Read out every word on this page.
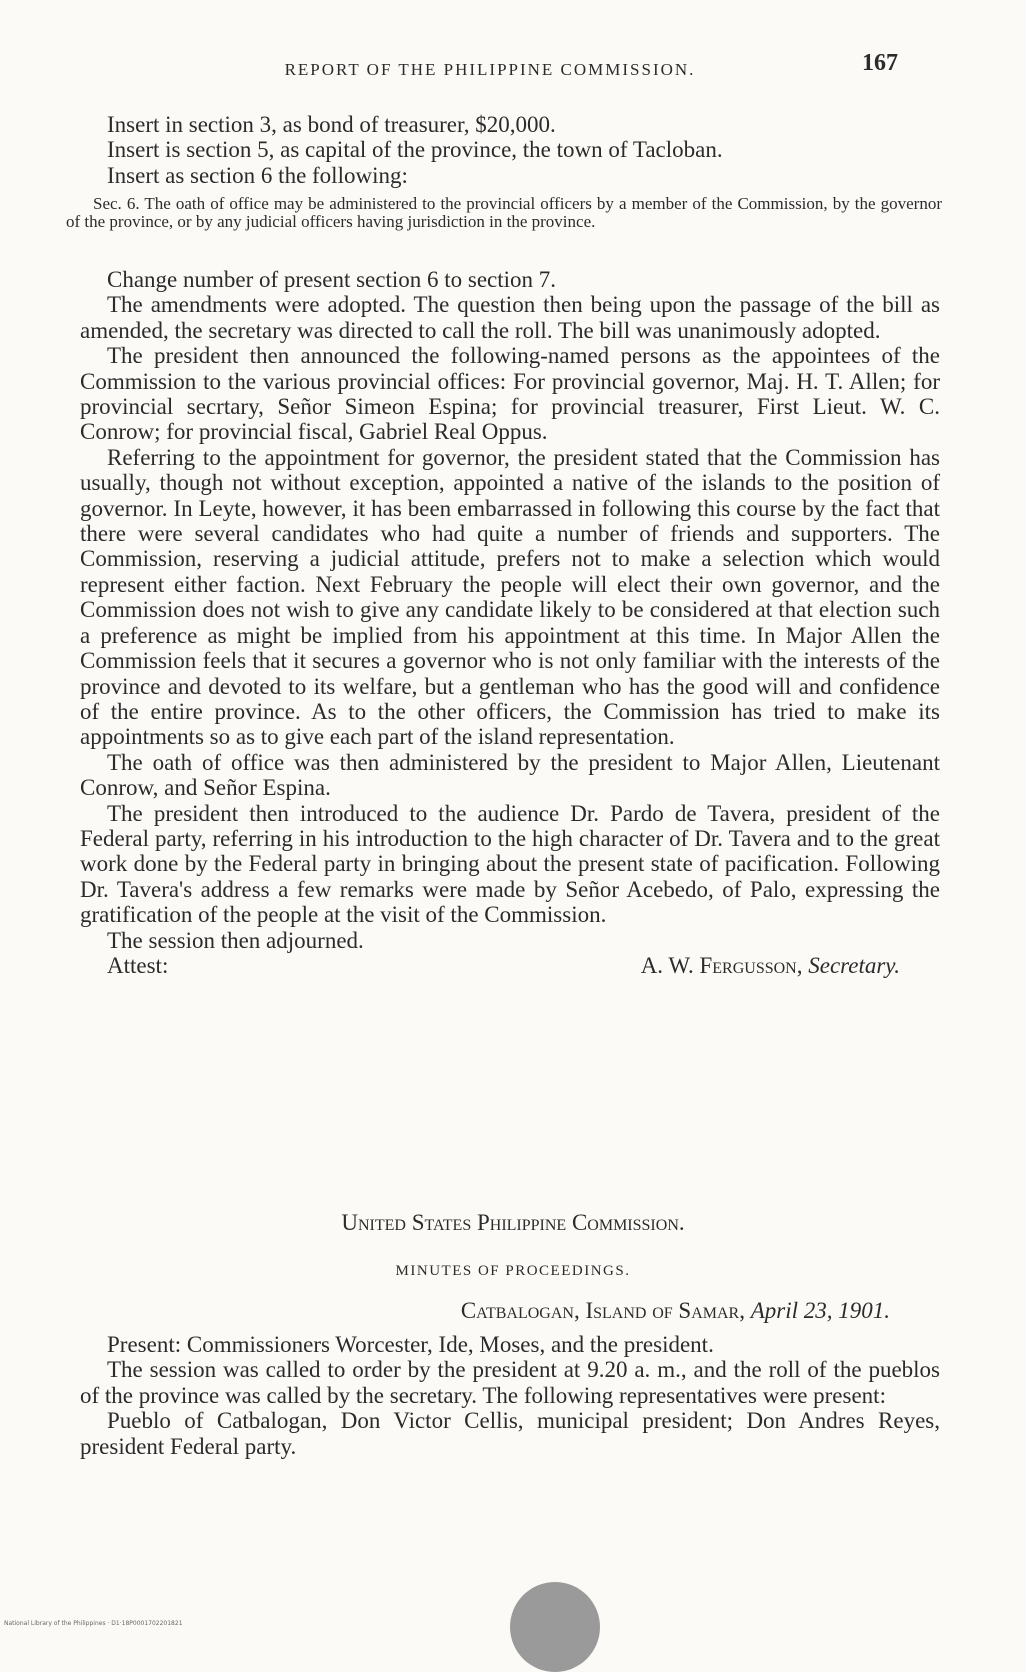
REPORT OF THE PHILIPPINE COMMISSION.	167

Insert in section 3, as bond of treasurer, $20,000.

Insert is section 5, as capital of the province, the town of Tacloban.

Insert as section 6 the following:

Sec. 6. The oath of office may be administered to the provincial officers by a member of the Commission, by the governor of the province, or by any judicial officers having jurisdiction in the province.

Change number of present section 6 to section 7.

The amendments were adopted. The question then being upon the passage of the bill as amended, the secretary was directed to call the roll. The bill was unanimously adopted.

The president then announced the following-named persons as the appointees of the Commission to the various provincial offices: For provincial governor, Maj. H. T. Allen; for provincial secrtary, Señor Simeon Espina; for provincial treasurer, First Lieut. W. C. Conrow; for provincial fiscal, Gabriel Real Oppus.

Referring to the appointment for governor, the president stated that the Commission has usually, though not without exception, appointed a native of the islands to the position of governor. In Leyte, however, it has been embarrassed in following this course by the fact that there were several candidates who had quite a number of friends and supporters. The Commission, reserving a judicial attitude, prefers not to make a selection which would represent either faction. Next February the people will elect their own governor, and the Commission does not wish to give any candidate likely to be considered at that election such a preference as might be implied from his appointment at this time. In Major Allen the Commission feels that it secures a governor who is not only familiar with the interests of the province and devoted to its welfare, but a gentleman who has the good will and confidence of the entire province. As to the other officers, the Commission has tried to make its appointments so as to give each part of the island representation.

The oath of office was then administered by the president to Major Allen, Lieutenant Conrow, and Señor Espina.

The president then introduced to the audience Dr. Pardo de Tavera, president of the Federal party, referring in his introduction to the high character of Dr. Tavera and to the great work done by the Federal party in bringing about the present state of pacification. Following Dr. Tavera's address a few remarks were made by Señor Acebedo, of Palo, expressing the gratification of the people at the visit of the Commission.

The session then adjourned.

Attest:	A. W. Fergusson, Secretary.
United States Philippine Commission.
MINUTES OF PROCEEDINGS.

Catbalogan, Island of Samar, April 23, 1901.

Present: Commissioners Worcester, Ide, Moses, and the president.

The session was called to order by the president at 9.20 a. m., and the roll of the pueblos of the province was called by the secretary. The following representatives were present:

Pueblo of Catbalogan, Don Victor Cellis, municipal president; Don Andres Reyes, president Federal party.

National Library of the Philippines · D1·18P0001702201821
